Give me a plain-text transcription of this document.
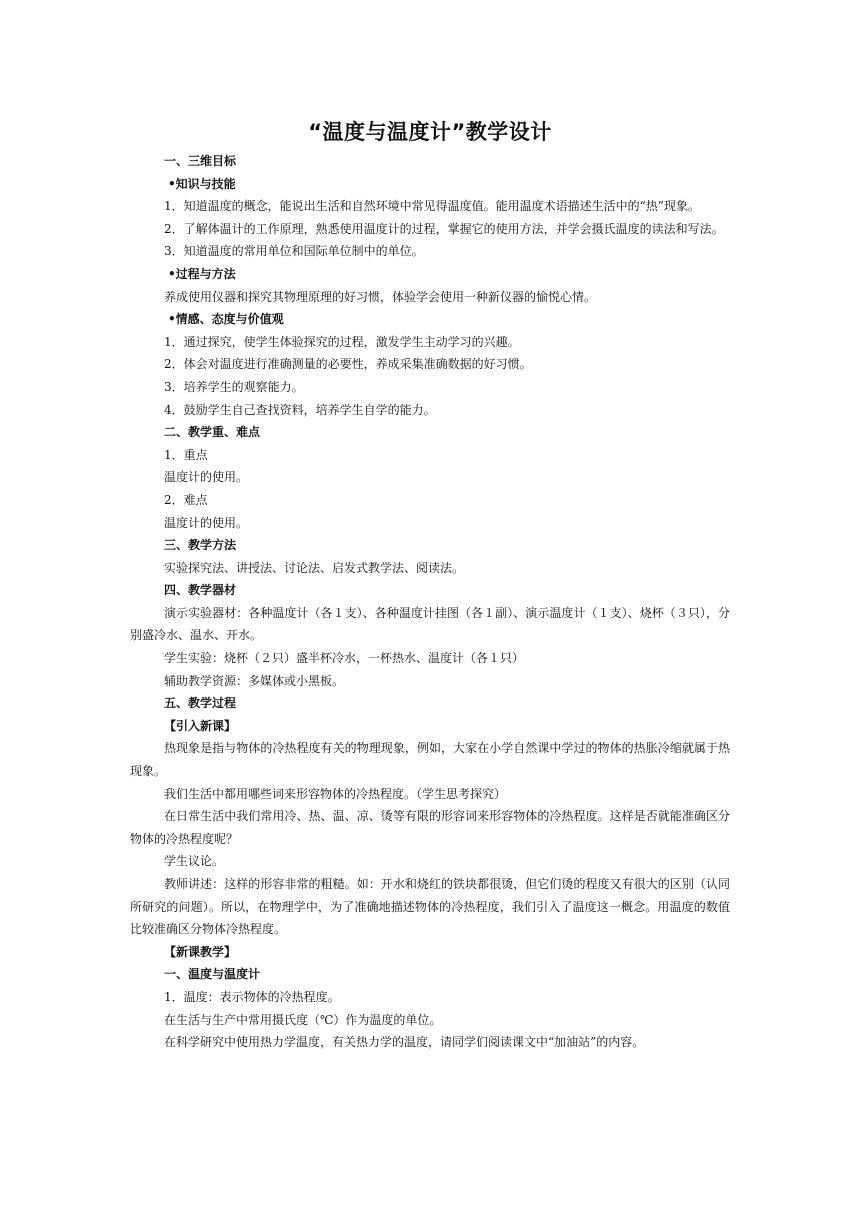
“温度与温度计”教学设计
一、三维目标
•知识与技能
1．知道温度的概念，能说出生活和自然环境中常见得温度值。能用温度术语描述生活中的“热”现象。
2．了解体温计的工作原理，熟悉使用温度计的过程，掌握它的使用方法，并学会摄氏温度的读法和写法。
3．知道温度的常用单位和国际单位制中的单位。
•过程与方法
养成使用仪器和探究其物理原理的好习惯，体验学会使用一种新仪器的愉悦心情。
•情感、态度与价值观
1．通过探究，使学生体验探究的过程，激发学生主动学习的兴趣。
2．体会对温度进行准确测量的必要性，养成采集准确数据的好习惯。
3．培养学生的观察能力。
4．鼓励学生自己查找资料，培养学生自学的能力。
二、教学重、难点
1．重点
温度计的使用。
2．难点
温度计的使用。
三、教学方法
实验探究法、讲授法、讨论法、启发式教学法、阅读法。
四、教学器材
演示实验器材：各种温度计（各１支）、各种温度计挂图（各１副）、演示温度计（１支）、烧杯（３只），分别盛冷水、温水、开水。
学生实验：烧杯（２只）盛半杯冷水，一杯热水、温度计（各１只）
辅助教学资源：多媒体或小黑板。
五、教学过程
【引入新课】
热现象是指与物体的冷热程度有关的物理现象，例如，大家在小学自然课中学过的物体的热胀冷缩就属于热现象。
我们生活中都用哪些词来形容物体的冷热程度。（学生思考探究）
在日常生活中我们常用冷、热、温、凉、烫等有限的形容词来形容物体的冷热程度。这样是否就能准确区分物体的冷热程度呢？
学生议论。
教师讲述：这样的形容非常的粗糙。如：开水和烧红的铁块都很烫，但它们烫的程度又有很大的区别（认同所研究的问题）。所以，在物理学中，为了准确地描述物体的冷热程度，我们引入了温度这一概念。用温度的数值比较准确区分物体冷热程度。
【新课教学】
一、温度与温度计
1．温度：表示物体的冷热程度。
在生活与生产中常用摄氏度（℃）作为温度的单位。
在科学研究中使用热力学温度，有关热力学的温度，请同学们阅读课文中“加油站”的内容。
